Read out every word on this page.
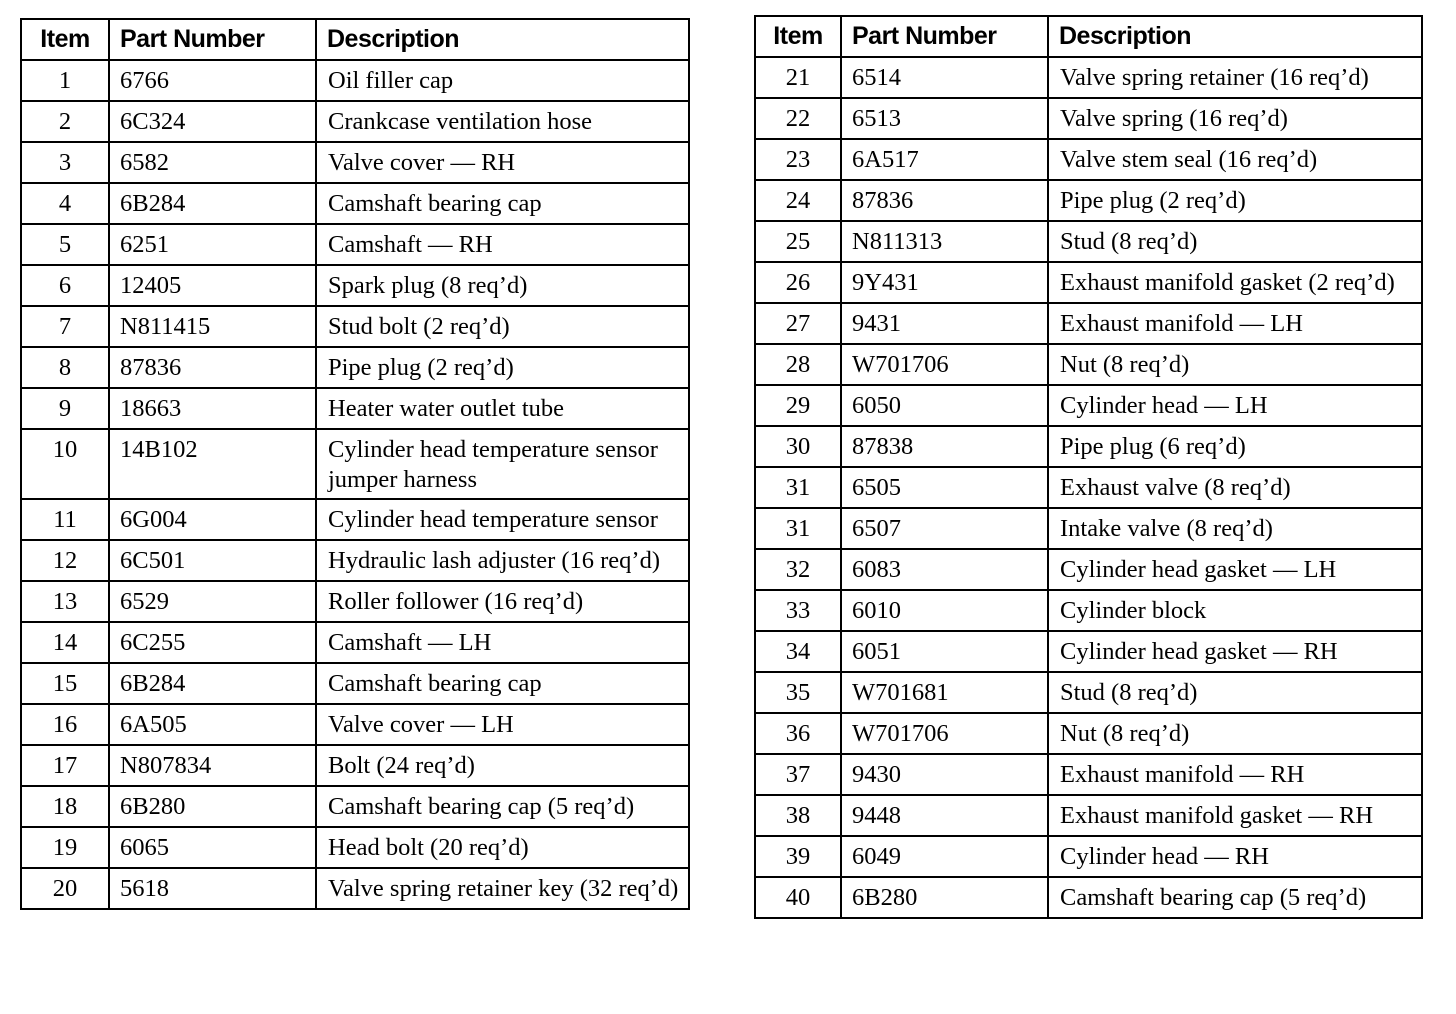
Item	Part Number	Description
1	6766	Oil filler cap
2	6C324	Crankcase ventilation hose
3	6582	Valve cover — RH
4	6B284	Camshaft bearing cap
5	6251	Camshaft — RH
6	12405	Spark plug (8 req’d)
7	N811415	Stud bolt (2 req’d)
8	87836	Pipe plug (2 req’d)
9	18663	Heater water outlet tube
10	14B102	Cylinder head temperature sensor jumper harness
11	6G004	Cylinder head temperature sensor
12	6C501	Hydraulic lash adjuster (16 req’d)
13	6529	Roller follower (16 req’d)
14	6C255	Camshaft — LH
15	6B284	Camshaft bearing cap
16	6A505	Valve cover — LH
17	N807834	Bolt (24 req’d)
18	6B280	Camshaft bearing cap (5 req’d)
19	6065	Head bolt (20 req’d)
20	5618	Valve spring retainer key (32 req’d)
Item	Part Number	Description
21	6514	Valve spring retainer (16 req’d)
22	6513	Valve spring (16 req’d)
23	6A517	Valve stem seal (16 req’d)
24	87836	Pipe plug (2 req’d)
25	N811313	Stud (8 req’d)
26	9Y431	Exhaust manifold gasket (2 req’d)
27	9431	Exhaust manifold — LH
28	W701706	Nut (8 req’d)
29	6050	Cylinder head — LH
30	87838	Pipe plug (6 req’d)
31	6505	Exhaust valve (8 req’d)
31	6507	Intake valve (8 req’d)
32	6083	Cylinder head gasket — LH
33	6010	Cylinder block
34	6051	Cylinder head gasket — RH
35	W701681	Stud (8 req’d)
36	W701706	Nut (8 req’d)
37	9430	Exhaust manifold — RH
38	9448	Exhaust manifold gasket — RH
39	6049	Cylinder head — RH
40	6B280	Camshaft bearing cap (5 req’d)
